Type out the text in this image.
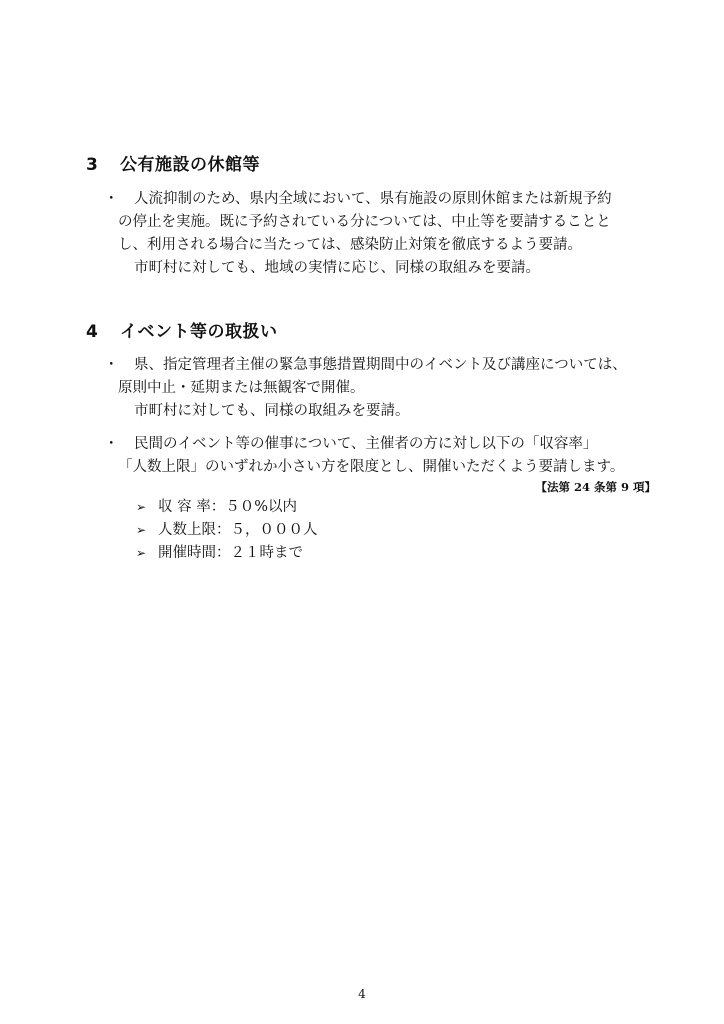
3 公有施設の休館等
・ 人流抑制のため、県内全域において、県有施設の原則休館または新規予約
の停止を実施。既に予約されている分については、中止等を要請することと
し、利用される場合に当たっては、感染防止対策を徹底するよう要請。
市町村に対しても、地域の実情に応じ、同様の取組みを要請。
4 イベント等の取扱い
・ 県、指定管理者主催の緊急事態措置期間中のイベント及び講座については、
原則中止・延期または無観客で開催。
市町村に対しても、同様の取組みを要請。
・ 民間のイベント等の催事について、主催者の方に対し以下の「収容率」
「人数上限」のいずれか小さい方を限度とし、開催いただくよう要請します。
【法第 24 条第 9 項】
➢ 収 容 率：５０%以内
➢ 人数上限：５，０００人
➢ 開催時間：２１時まで
4
